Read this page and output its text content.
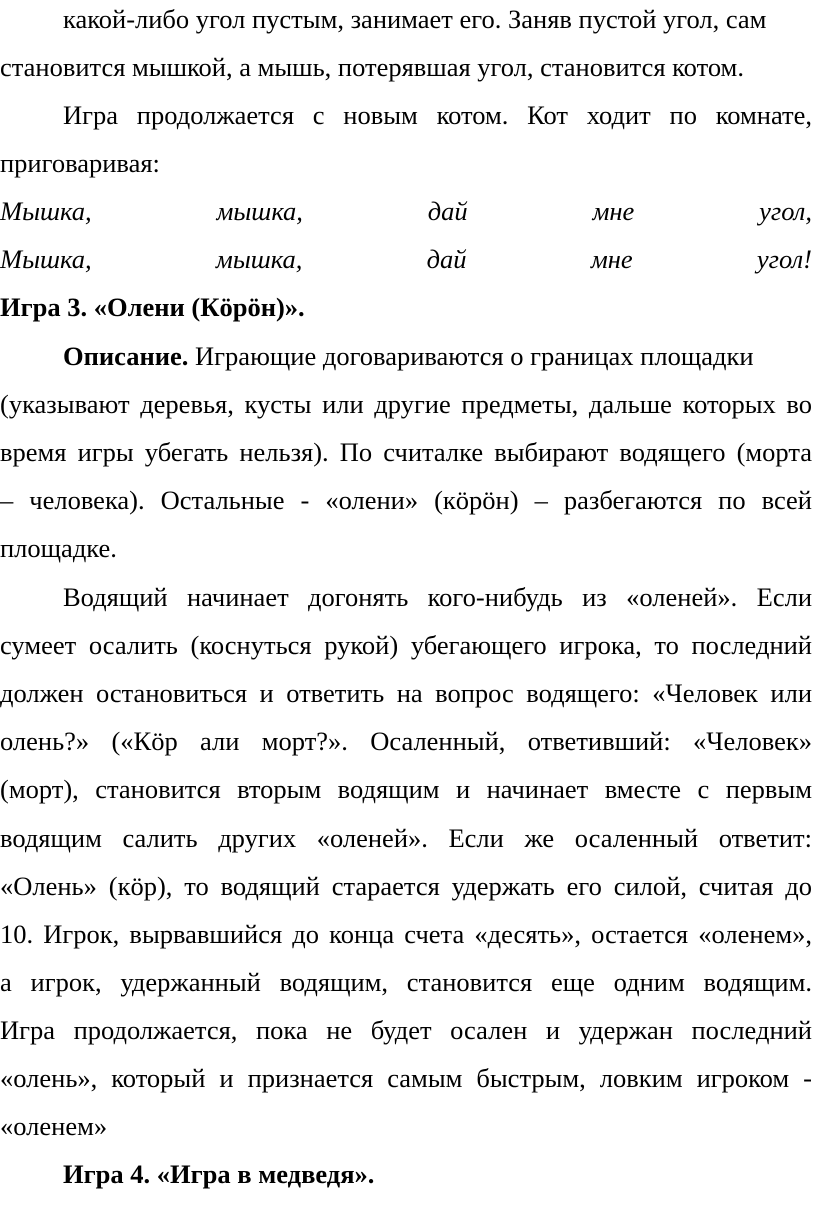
какой-либо угол пустым, занимает его. Заняв пустой угол, сам
становится мышкой, а мышь, потерявшая угол, становится котом.
Игра продолжается с новым котом. Кот ходит по комнате,
приговаривая:
Мышка,	мышка,	дай	мне	угол,
Мышка,	мышка,	дай	мне	угол!
Игра 3. «Олени (Кӧрӧн)».
Описание. Играющие договариваются о границах площадки
(указывают деревья, кусты или другие предметы, дальше которых во
время игры убегать нельзя). По считалке выбирают водящего (морта
– человека). Остальные - «олени» (кӧрӧн) – разбегаются по всей
площадке.
Водящий начинает догонять кого-нибудь из «оленей». Если
сумеет осалить (коснуться рукой) убегающего игрока, то последний
должен остановиться и ответить на вопрос водящего: «Человек или
олень?» («Кӧр али морт?». Осаленный, ответивший: «Человек»
(морт), становится вторым водящим и начинает вместе с первым
водящим салить других «оленей». Если же осаленный ответит:
«Олень» (кӧр), то водящий старается удержать его силой, считая до
10. Игрок, вырвавшийся до конца счета «десять», остается «оленем»,
а игрок, удержанный водящим, становится еще одним водящим.
Игра продолжается, пока не будет осален и удержан последний
«олень», который и признается самым быстрым, ловким игроком -
«оленем»
Игра 4. «Игра в медведя».
